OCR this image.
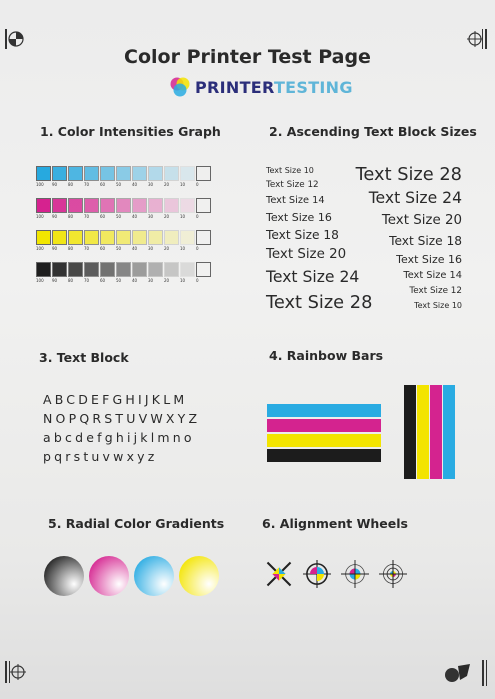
Color Printer Test Page
PRINTERTESTING
1. Color Intensities Graph	2. Ascending Text Block Sizes
3. Text Block	4. Rainbow Bars
5. Radial Color Gradients	6. Alignment Wheels
100	90	80	70	60	50	40	30	20	10	0
100	90	80	70	60	50	40	30	20	10	0
100	90	80	70	60	50	40	30	20	10	0
100	90	80	70	60	50	40	30	20	10	0
Text Size 10
Text Size 12
Text Size 14
Text Size 16
Text Size 18
Text Size 20
Text Size 24
Text Size 28
Text Size 28
Text Size 24
Text Size 20
Text Size 18
Text Size 16
Text Size 14
Text Size 12
Text Size 10
ABCDEFGHIJKLM
NOPQRSTUVWXYZ
abcdefghijklmno
pqrstuvwxyz
